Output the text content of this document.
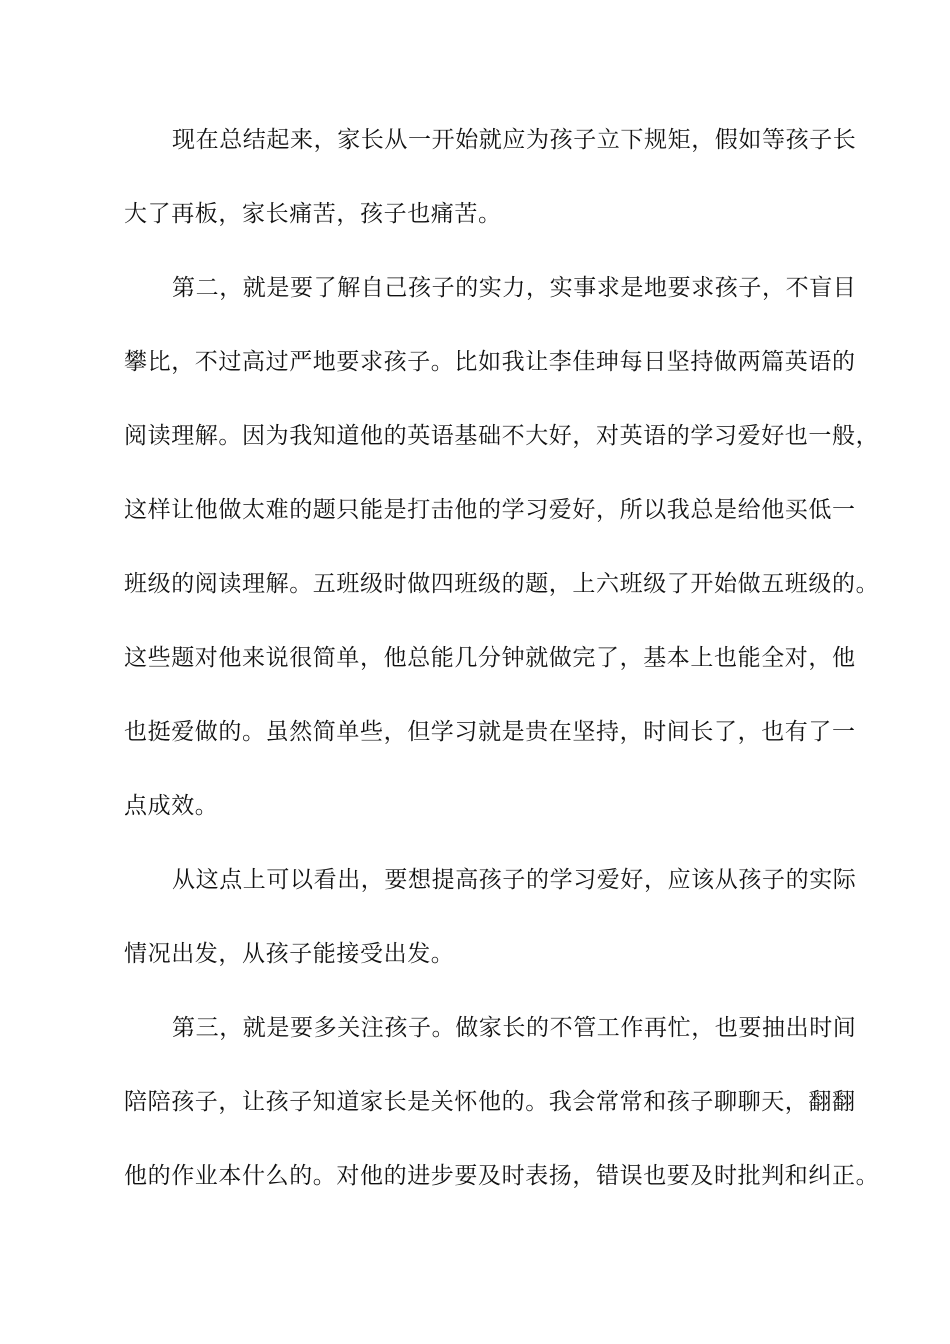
现在总结起来，家长从一开始就应为孩子立下规矩，假如等孩子长
大了再板，家长痛苦，孩子也痛苦。
第二，就是要了解自己孩子的实力，实事求是地要求孩子，不盲目
攀比，不过高过严地要求孩子。比如我让李佳珅每日坚持做两篇英语的
阅读理解。因为我知道他的英语基础不大好，对英语的学习爱好也一般，
这样让他做太难的题只能是打击他的学习爱好，所以我总是给他买低一
班级的阅读理解。五班级时做四班级的题，上六班级了开始做五班级的。
这些题对他来说很简单，他总能几分钟就做完了，基本上也能全对，他
也挺爱做的。虽然简单些，但学习就是贵在坚持，时间长了，也有了一
点成效。
从这点上可以看出，要想提高孩子的学习爱好，应该从孩子的实际
情况出发，从孩子能接受出发。
第三，就是要多关注孩子。做家长的不管工作再忙，也要抽出时间
陪陪孩子，让孩子知道家长是关怀他的。我会常常和孩子聊聊天，翻翻
他的作业本什么的。对他的进步要及时表扬，错误也要及时批判和纠正。
